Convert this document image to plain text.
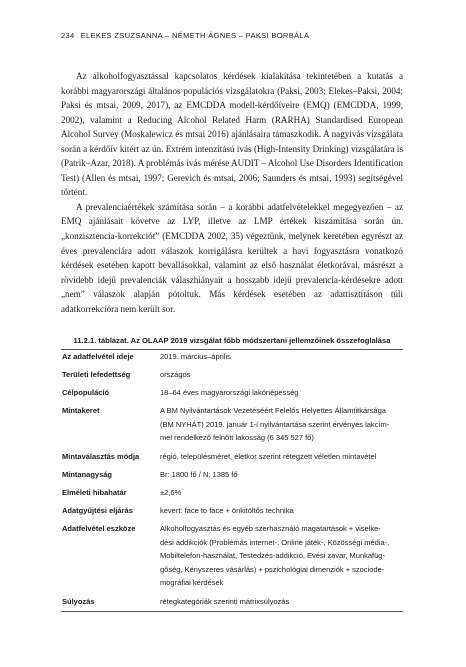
234 ELEKES ZSUZSANNA – NÉMETH ÁGNES – PAKSI BORBÁLA

Az alkoholfogyasztással kapcsolatos kérdések kialakítása tekintetében a kutatás a korábbi magyarországi általános populációs vizsgálatokra (Paksi, 2003; Elekes–Paksi, 2004; Paksi és mtsai, 2009, 2017), az EMCDDA modell-kérdőíveire (EMQ) (EMCDDA, 1999, 2002), valamint a Reducing Alcohol Related Harm (RARHA) Standardised European Alcohol Survey (Moskalewicz és mtsai 2016) ajánlásaira támaszkodik. A nagyivás vizsgálata során a kérdőív kitért az ún. Extrém intenzitású ivás (High-Intensity Drinking) vizsgálatára is (Patrik–Azar, 2018). A problémás ivás mérése AUDIT – Alcohol Use Disorders Identification Test) (Allen és mtsai, 1997; Gerevich és mtsai, 2006; Saunders és mtsai, 1993) segítségével történt.

A prevalenciaértékek számítása során – a korábbi adatfelvételekkel megegyezően – az EMQ ajánlásait követve az LYP, illetve az LMP értékek kiszámítása során ún. „konzisztencia-korrekciót” (EMCDDA 2002, 35) végeztünk, melynek keretében egyrészt az éves prevalenciára adott válaszok korrigálásra kerültek a havi fogyasztásra vonatkozó kérdések esetében kapott bevallásokkal, valamint az első használat életkorával, másrészt a rövidebb idejű prevalenciák válaszhiányait a hosszabb idejű prevalencia-kérdésekre adott „nem” válaszok alapján pótoltuk. Más kérdések esetében az adattisztításon túli adatkorrekcióra nem került sor.

11.2.1. táblázat. Az OLAAP 2019 vizsgálat főbb módszertani jellemzőinek összefoglalása
Az adatfelvétel ideje	2019. március–április
Területi lefedettség	országos
Célpopuláció	18–64 éves magyarországi lakónépesség
Mintakeret	A BM Nyilvántartások Vezetéséért Felelős Helyettes Államtitkársága
(BM NYHÁT) 2019. január 1-i nyilvántartása szerint érvényes lakcím-
mel rendelkező felnőtt lakosság (6 345 527 fő)
Mintaválasztás módja	régió, településméret, életkor szerint rétegzett véletlen mintavétel
Mintanagyság	Br: 1800 fő / N: 1385 fő
Elméleti hibahatár	±2,6%
Adatgyűjtési eljárás	kevert: face to face + önkitöltős technika
Adatfelvétel eszköze	Alkoholfogyasztás és egyéb szerhasználó magatartások + viselke-
dési addikciók (Problémás internet-, Online játék-, Közösségi média-,
Mobiltelefon-használat, Testedzés-addikció, Evési zavar, Munkafüg-
gőség, Kényszeres vásárlás) + pszichológiai dimenziók + szociode-
mográfiai kérdések
Súlyozás	rétegkategóriák szerinti mátrixsúlyozás
